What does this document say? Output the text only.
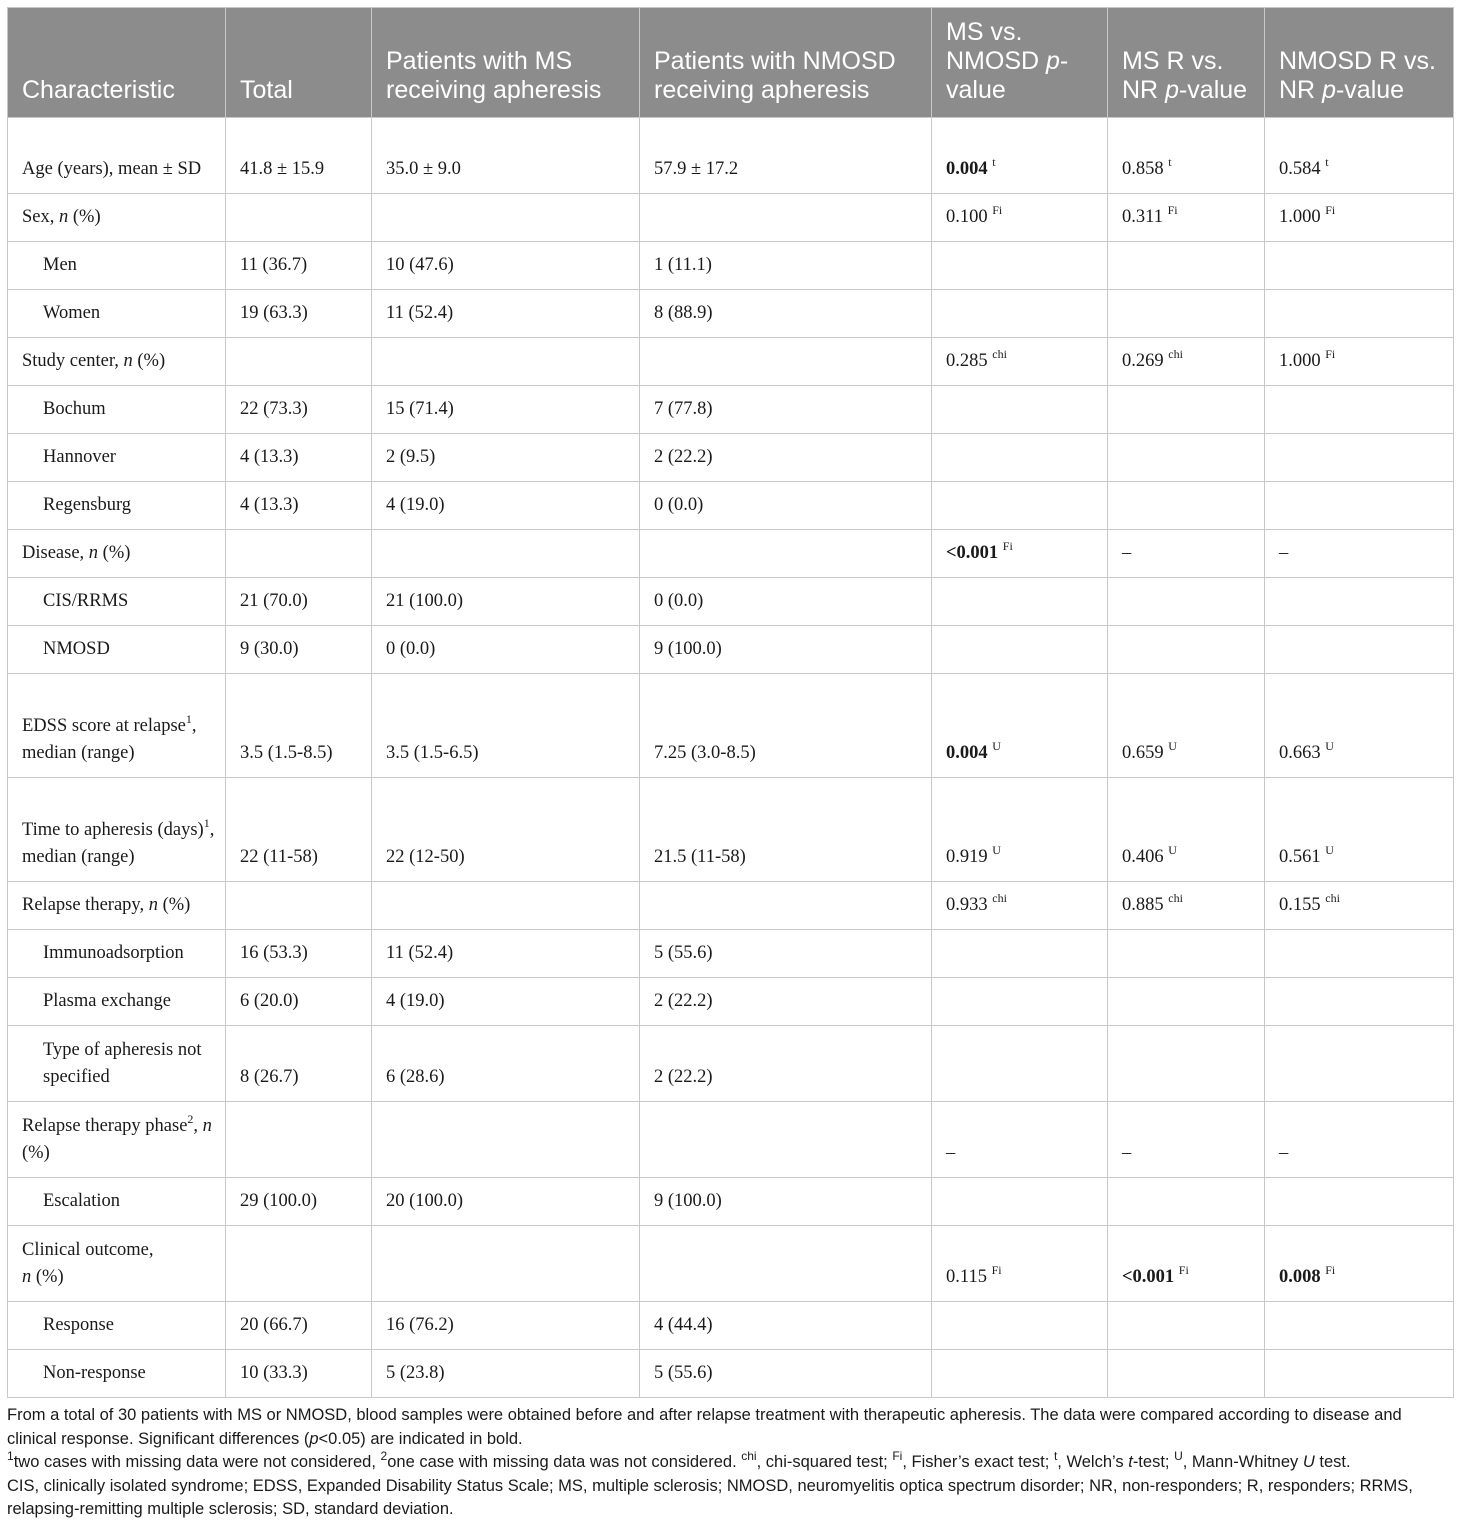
Characteristic	Total	Patients with MS receiving apheresis	Patients with NMOSD receiving apheresis	MS vs. NMOSD p-value	MS R vs. NR p-value	NMOSD R vs. NR p-value
Age (years), mean ± SD	41.8 ± 15.9	35.0 ± 9.0	57.9 ± 17.2	0.004 $^t$	0.858 $^t$	0.584 $^t$
Sex, n (%)				0.100 $^{Fi}$	0.311 $^{Fi}$	1.000 $^{Fi}$
Men	11 (36.7)	10 (47.6)	1 (11.1)			
Women	19 (63.3)	11 (52.4)	8 (88.9)			
Study center, n (%)				0.285 $^{chi}$	0.269 $^{chi}$	1.000 $^{Fi}$
Bochum	22 (73.3)	15 (71.4)	7 (77.8)			
Hannover	4 (13.3)	2 (9.5)	2 (22.2)			
Regensburg	4 (13.3)	4 (19.0)	0 (0.0)			
Disease, n (%)				<0.001 $^{Fi}$	–	–
CIS/RRMS	21 (70.0)	21 (100.0)	0 (0.0)			
NMOSD	9 (30.0)	0 (0.0)	9 (100.0)			
EDSS score at relapse$^1$,
median (range)	3.5 (1.5-8.5)	3.5 (1.5-6.5)	7.25 (3.0-8.5)	0.004 $^U$	0.659 $^U$	0.663 $^U$
Time to apheresis (days)$^1$,
median (range)	22 (11-58)	22 (12-50)	21.5 (11-58)	0.919 $^U$	0.406 $^U$	0.561 $^U$
Relapse therapy, n (%)				0.933 $^{chi}$	0.885 $^{chi}$	0.155 $^{chi}$
Immunoadsorption	16 (53.3)	11 (52.4)	5 (55.6)			
Plasma exchange	6 (20.0)	4 (19.0)	2 (22.2)			
Type of apheresis not specified	8 (26.7)	6 (28.6)	2 (22.2)			
Relapse therapy phase$^2$, n (%)				–	–	–
Escalation	29 (100.0)	20 (100.0)	9 (100.0)			
Clinical outcome,
n (%)				0.115 $^{Fi}$	<0.001 $^{Fi}$	0.008 $^{Fi}$
Response	20 (66.7)	16 (76.2)	4 (44.4)			
Non-response	10 (33.3)	5 (23.8)	5 (55.6)			

From a total of 30 patients with MS or NMOSD, blood samples were obtained before and after relapse treatment with therapeutic apheresis. The data were compared according to disease and clinical response. Significant differences (p<0.05) are indicated in bold.

$^1$two cases with missing data were not considered, $^2$one case with missing data was not considered. $^{chi}$, chi-squared test; $^{Fi}$, Fisher’s exact test; $^t$, Welch’s t-test; $^U$, Mann-Whitney U test.

CIS, clinically isolated syndrome; EDSS, Expanded Disability Status Scale; MS, multiple sclerosis; NMOSD, neuromyelitis optica spectrum disorder; NR, non-responders; R, responders; RRMS, relapsing-remitting multiple sclerosis; SD, standard deviation.
